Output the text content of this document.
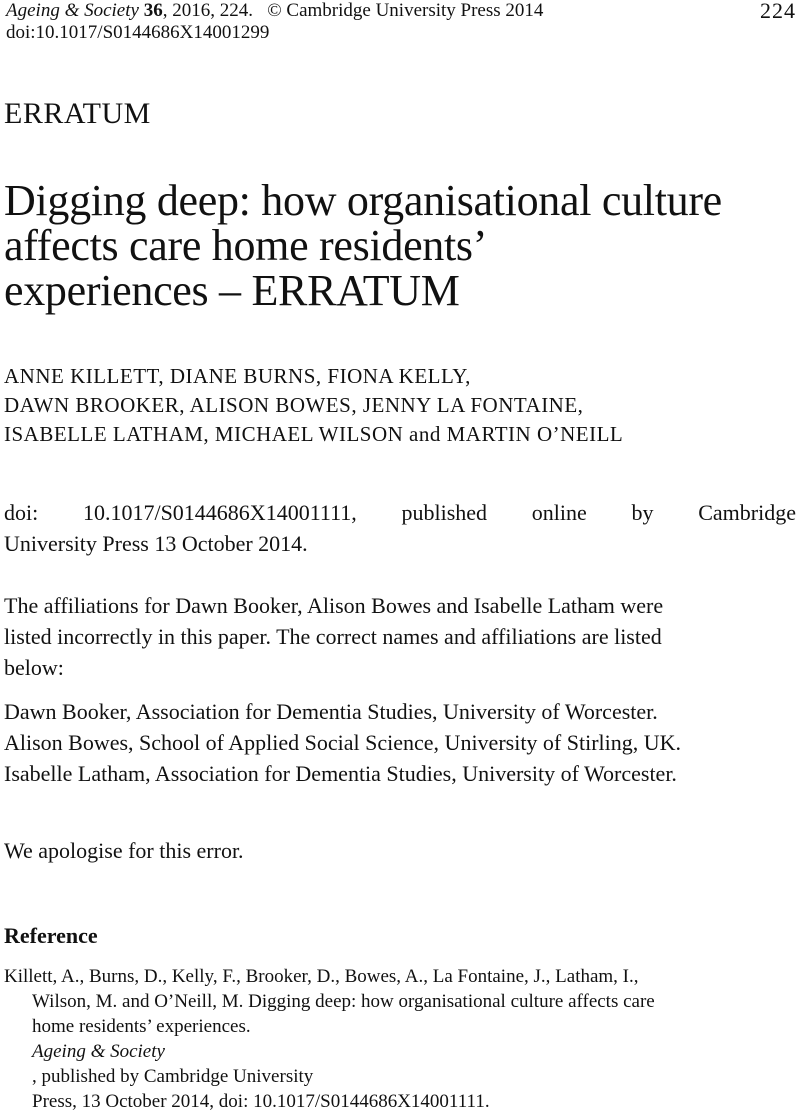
Ageing & Society 36, 2016, 224. © Cambridge University Press 2014
doi:10.1017/S0144686X14001299
224
ERRATUM
Digging deep: how organisational culture
affects care home residents’
experiences – ERRATUM
ANNE KILLETT, DIANE BURNS, FIONA KELLY,
DAWN BROOKER, ALISON BOWES, JENNY LA FONTAINE,
ISABELLE LATHAM, MICHAEL WILSON and MARTIN O’NEILL
doi: 10.1017/S0144686X14001111, published online by Cambridge
University Press 13 October 2014.
The affiliations for Dawn Booker, Alison Bowes and Isabelle Latham were
listed incorrectly in this paper. The correct names and affiliations are listed
below:
Dawn Booker, Association for Dementia Studies, University of Worcester.
Alison Bowes, School of Applied Social Science, University of Stirling, UK.
Isabelle Latham, Association for Dementia Studies, University of Worcester.
We apologise for this error.
Reference
Killett, A., Burns, D., Kelly, F., Brooker, D., Bowes, A., La Fontaine, J., Latham, I.,
Wilson, M. and O’Neill, M. Digging deep: how organisational culture affects care
home residents’ experiences.
Ageing & Society
, published by Cambridge University
Press, 13 October 2014, doi: 10.1017/S0144686X14001111.
